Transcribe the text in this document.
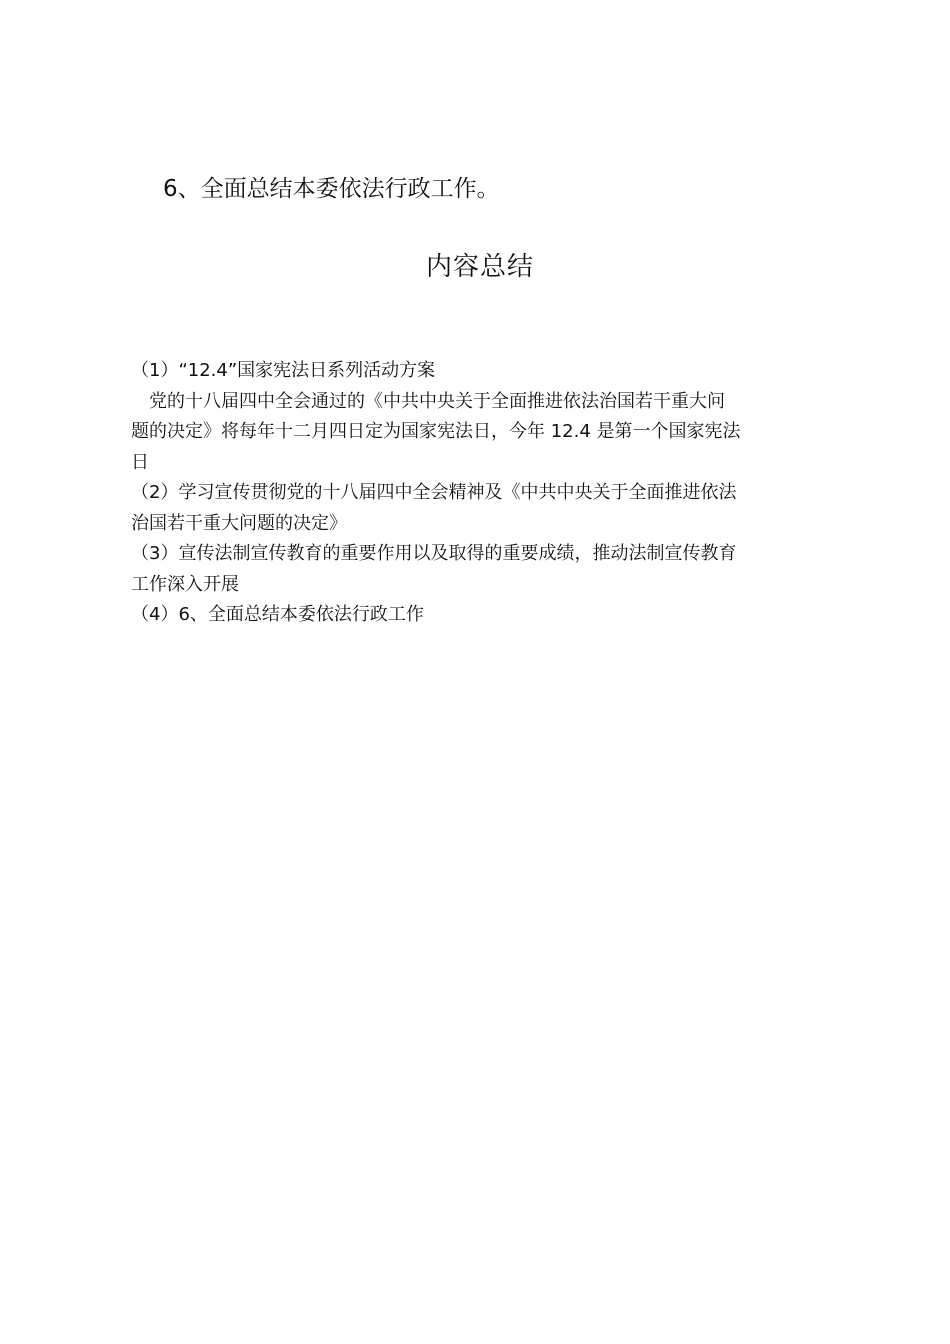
6、全面总结本委依法行政工作。
内容总结
（1）“12.4”国家宪法日系列活动方案
党的十八届四中全会通过的《中共中央关于全面推进依法治国若干重大问
题的决定》将每年十二月四日定为国家宪法日，今年 12.4 是第一个国家宪法
日
（2）学习宣传贯彻党的十八届四中全会精神及《中共中央关于全面推进依法
治国若干重大问题的决定》
（3）宣传法制宣传教育的重要作用以及取得的重要成绩，推动法制宣传教育
工作深入开展
（4）6、全面总结本委依法行政工作
